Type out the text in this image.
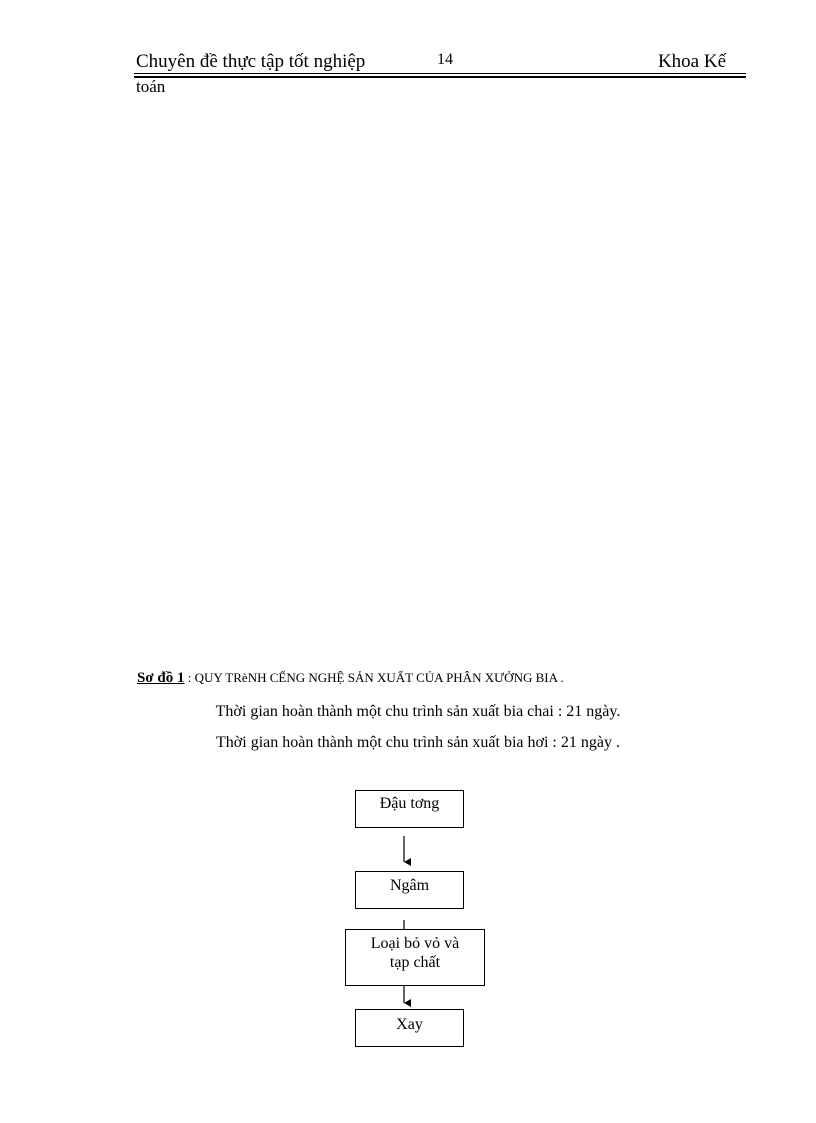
Chuyên đề thực tập tốt nghiệp	14	Khoa Kế
toán
Sơ đồ 1 : QUY TRèNH CẾNG NGHỆ SẢN XUẤT CỦA PHÂN XƯỞNG BIA .
Thời gian hoàn thành một chu trình sản xuất bia chai : 21 ngày.
Thời gian hoàn thành một chu trình sản xuất bia hơi : 21 ngày .
Đậu tơng
Ngâm
Loại bỏ vỏ và
tạp chất
Xay
